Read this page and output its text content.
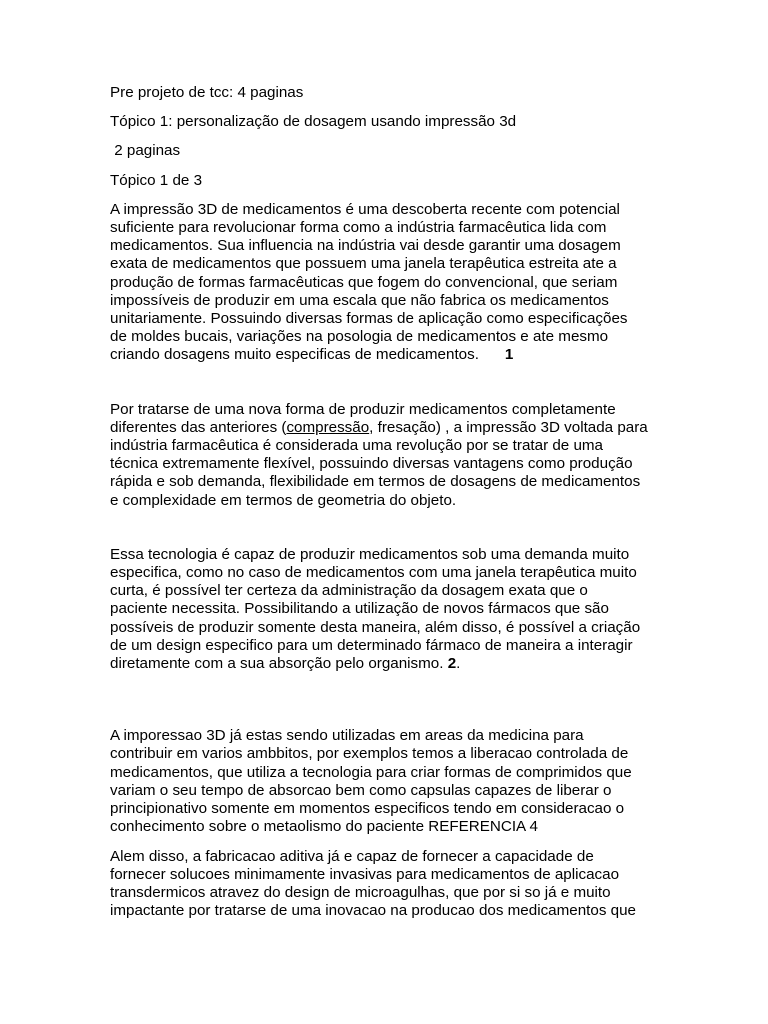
Pre projeto de tcc: 4 paginas
Tópico 1: personalização de dosagem usando impressão 3d
2 paginas
Tópico 1 de 3

A impressão 3D de medicamentos é uma descoberta recente com potencial
suficiente para revolucionar forma como a indústria farmacêutica lida com
medicamentos. Sua influencia na indústria vai desde garantir uma dosagem
exata de medicamentos que possuem uma janela terapêutica estreita ate a
produção de formas farmacêuticas que fogem do convencional, que seriam
impossíveis de produzir em uma escala que não fabrica os medicamentos
unitariamente. Possuindo diversas formas de aplicação como especificações
de moldes bucais, variações na posologia de medicamentos e ate mesmo
criando dosagens muito especificas de medicamentos. 1

Por tratarse de uma nova forma de produzir medicamentos completamente
diferentes das anteriores (compressão, fresação) , a impressão 3D voltada para
indústria farmacêutica é considerada uma revolução por se tratar de uma
técnica extremamente flexível, possuindo diversas vantagens como produção
rápida e sob demanda, flexibilidade em termos de dosagens de medicamentos
e complexidade em termos de geometria do objeto.

Essa tecnologia é capaz de produzir medicamentos sob uma demanda muito
especifica, como no caso de medicamentos com uma janela terapêutica muito
curta, é possível ter certeza da administração da dosagem exata que o
paciente necessita. Possibilitando a utilização de novos fármacos que são
possíveis de produzir somente desta maneira, além disso, é possível a criação
de um design especifico para um determinado fármaco de maneira a interagir
diretamente com a sua absorção pelo organismo. 2.

A imporessao 3D já estas sendo utilizadas em areas da medicina para
contribuir em varios ambbitos, por exemplos temos a liberacao controlada de
medicamentos, que utiliza a tecnologia para criar formas de comprimidos que
variam o seu tempo de absorcao bem como capsulas capazes de liberar o
principionativo somente em momentos especificos tendo em consideracao o
conhecimento sobre o metaolismo do paciente REFERENCIA 4

Alem disso, a fabricacao aditiva já e capaz de fornecer a capacidade de
fornecer solucoes minimamente invasivas para medicamentos de aplicacao
transdermicos atravez do design de microagulhas, que por si so já e muito
impactante por tratarse de uma inovacao na producao dos medicamentos que
